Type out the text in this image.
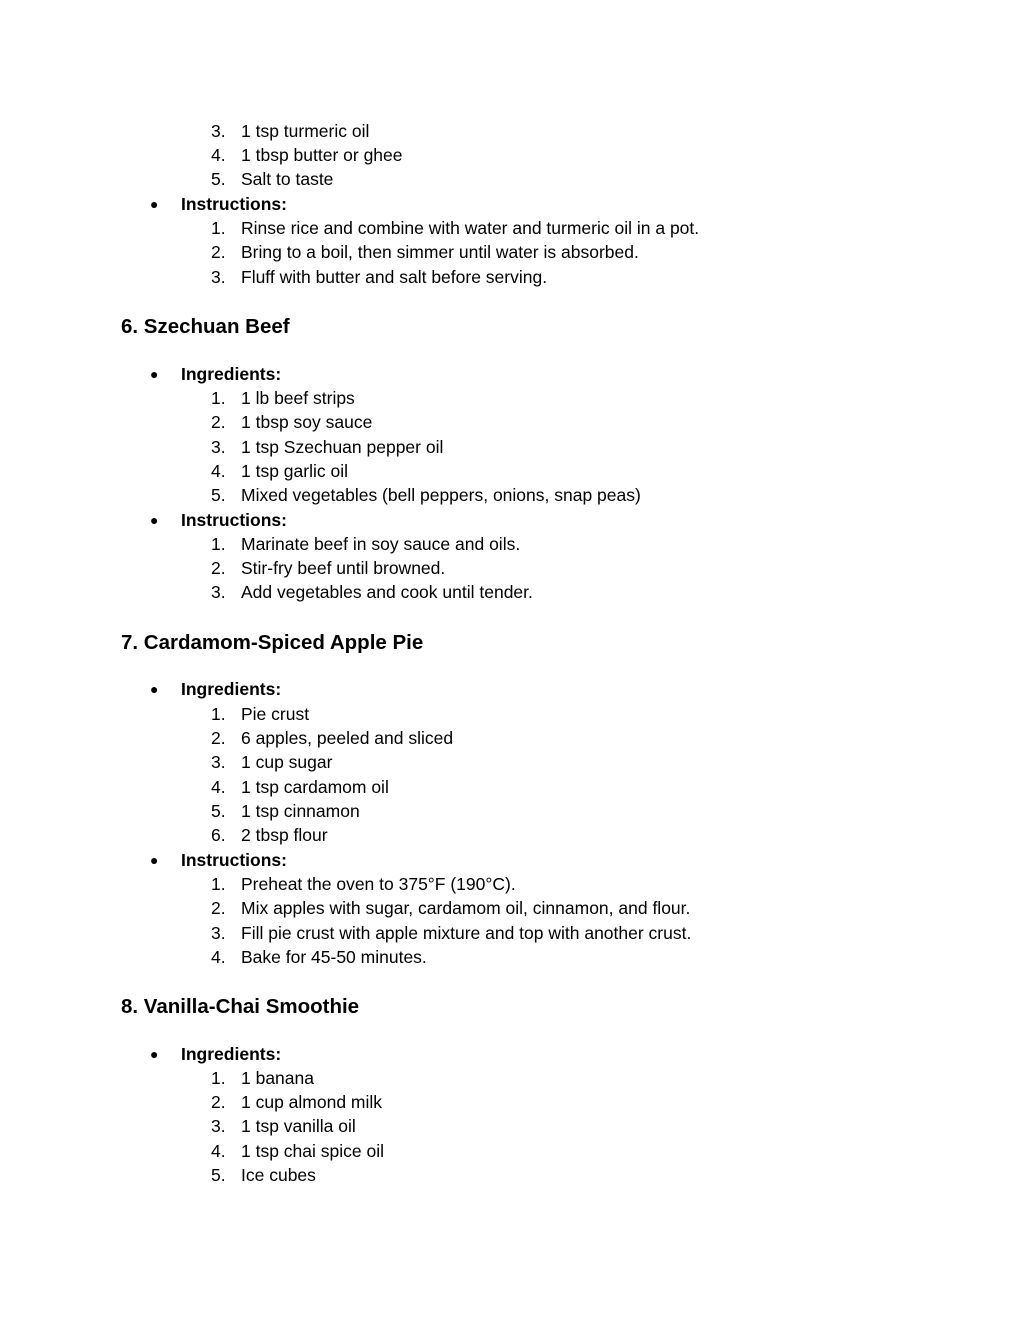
3. 1 tsp turmeric oil
4. 1 tbsp butter or ghee
5. Salt to taste
● Instructions:
1. Rinse rice and combine with water and turmeric oil in a pot.
2. Bring to a boil, then simmer until water is absorbed.
3. Fluff with butter and salt before serving.
6. Szechuan Beef
● Ingredients:
1. 1 lb beef strips
2. 1 tbsp soy sauce
3. 1 tsp Szechuan pepper oil
4. 1 tsp garlic oil
5. Mixed vegetables (bell peppers, onions, snap peas)
● Instructions:
1. Marinate beef in soy sauce and oils.
2. Stir-fry beef until browned.
3. Add vegetables and cook until tender.
7. Cardamom-Spiced Apple Pie
● Ingredients:
1. Pie crust
2. 6 apples, peeled and sliced
3. 1 cup sugar
4. 1 tsp cardamom oil
5. 1 tsp cinnamon
6. 2 tbsp flour
● Instructions:
1. Preheat the oven to 375°F (190°C).
2. Mix apples with sugar, cardamom oil, cinnamon, and flour.
3. Fill pie crust with apple mixture and top with another crust.
4. Bake for 45-50 minutes.
8. Vanilla-Chai Smoothie
● Ingredients:
1. 1 banana
2. 1 cup almond milk
3. 1 tsp vanilla oil
4. 1 tsp chai spice oil
5. Ice cubes
